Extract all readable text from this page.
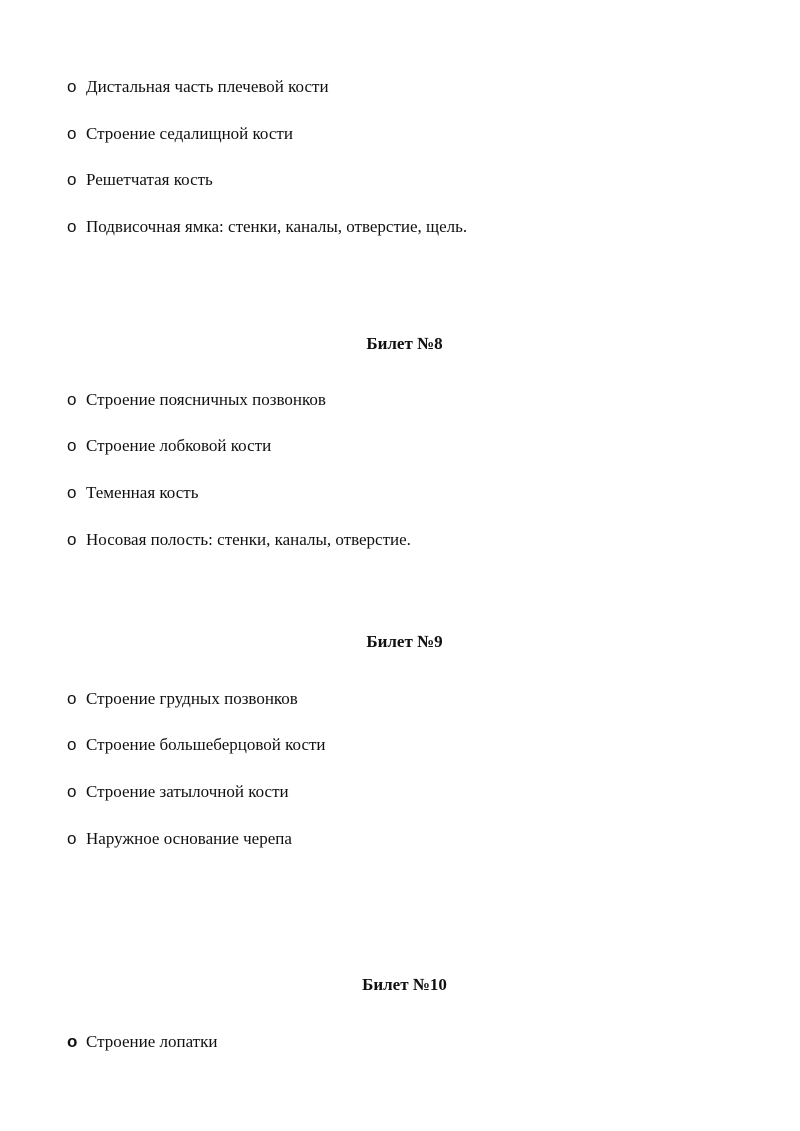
o Дистальная часть плечевой кости
o Строение седалищной кости
o Решетчатая кость
o Подвисочная ямка: стенки, каналы, отверстие, щель.
Билет №8
o Строение поясничных позвонков
o Строение лобковой кости
o Теменная кость
o Носовая полость: стенки, каналы, отверстие.
Билет №9
o Строение грудных позвонков
o Строение большеберцовой кости
o Строение затылочной кости
o Наружное основание черепа
Билет №10
o Строение лопатки
